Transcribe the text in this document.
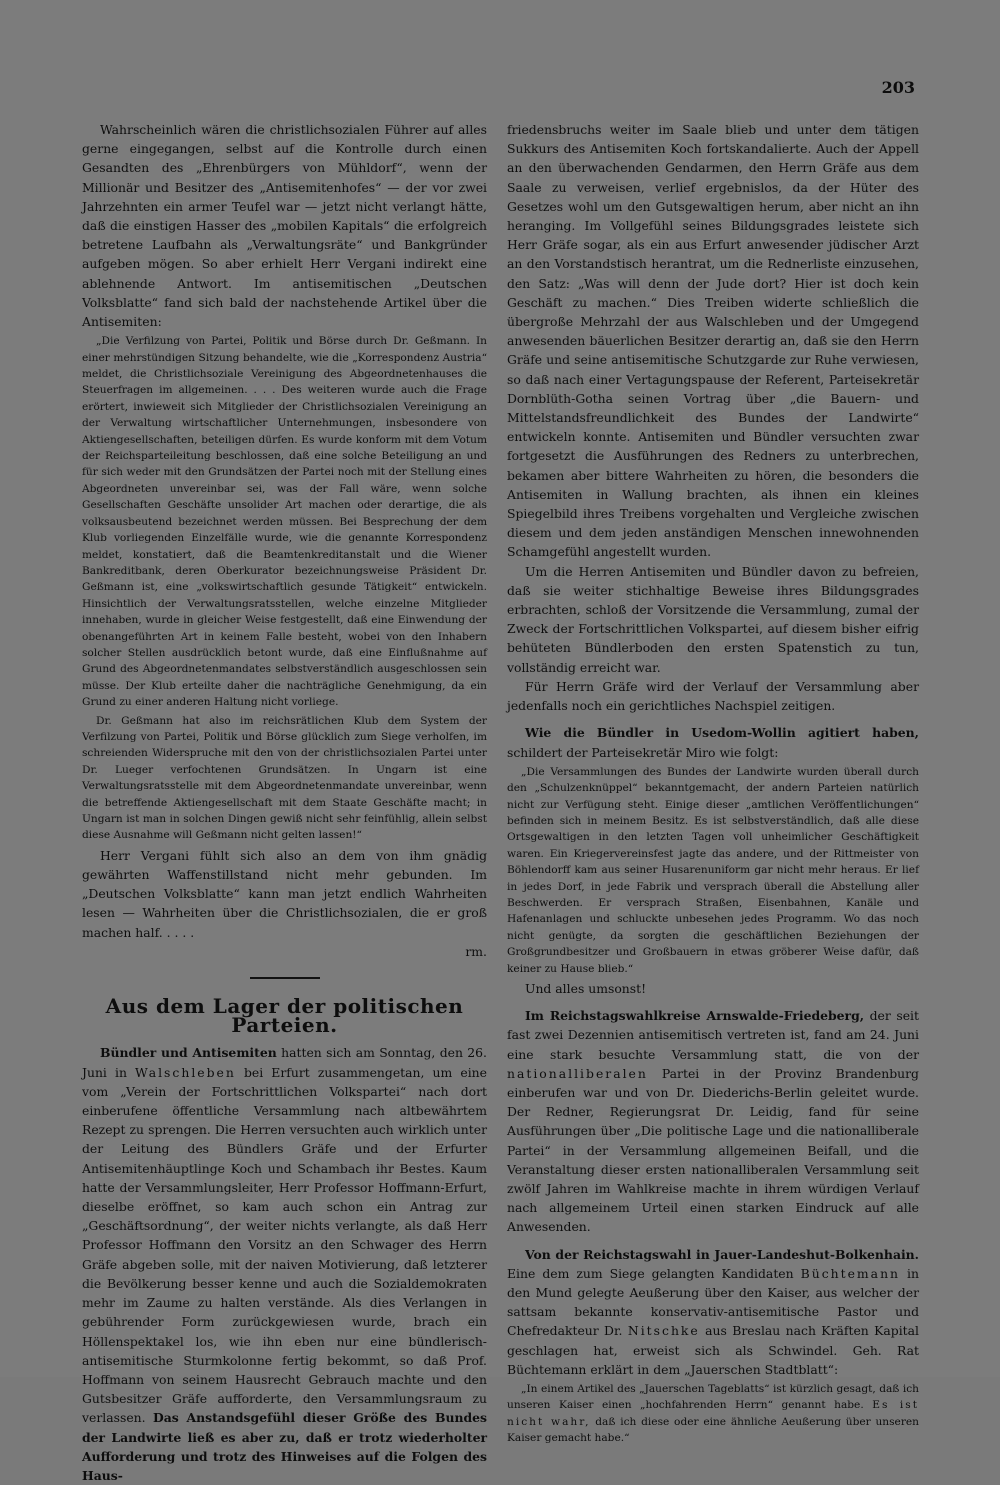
203

Wahrscheinlich wären die christlichsozialen Führer auf alles gerne eingegangen, selbst auf die Kontrolle durch einen Gesandten des „Ehrenbürgers von Mühldorf“, wenn der Millionär und Besitzer des „Antisemitenhofes“ — der vor zwei Jahrzehnten ein armer Teufel war — jetzt nicht verlangt hätte, daß die einstigen Hasser des „mobilen Kapitals“ die erfolgreich betretene Laufbahn als „Verwaltungsräte“ und Bankgründer aufgeben mögen. So aber erhielt Herr Vergani indirekt eine ablehnende Antwort. Im antisemitischen „Deutschen Volksblatte“ fand sich bald der nachstehende Artikel über die Antisemiten:

„Die Verfilzung von Partei, Politik und Börse durch Dr. Geßmann. In einer mehrstündigen Sitzung behandelte, wie die „Korrespondenz Austria“ meldet, die Christlichsoziale Vereinigung des Abgeordnetenhauses die Steuerfragen im allgemeinen. . . . Des weiteren wurde auch die Frage erörtert, inwieweit sich Mitglieder der Christlichsozialen Vereinigung an der Verwaltung wirtschaftlicher Unternehmungen, insbesondere von Aktiengesellschaften, beteiligen dürfen. Es wurde konform mit dem Votum der Reichsparteileitung beschlossen, daß eine solche Beteiligung an und für sich weder mit den Grundsätzen der Partei noch mit der Stellung eines Abgeordneten unvereinbar sei, was der Fall wäre, wenn solche Gesellschaften Geschäfte unsolider Art machen oder derartige, die als volksausbeutend bezeichnet werden müssen. Bei Besprechung der dem Klub vorliegenden Einzelfälle wurde, wie die genannte Korrespondenz meldet, konstatiert, daß die Beamtenkreditanstalt und die Wiener Bankreditbank, deren Oberkurator bezeichnungsweise Präsident Dr. Geßmann ist, eine „volkswirtschaftlich gesunde Tätigkeit“ entwickeln. Hinsichtlich der Verwaltungsratsstellen, welche einzelne Mitglieder innehaben, wurde in gleicher Weise festgestellt, daß eine Einwendung der obenangeführten Art in keinem Falle besteht, wobei von den Inhabern solcher Stellen ausdrücklich betont wurde, daß eine Einflußnahme auf Grund des Abgeordnetenmandates selbstverständlich ausgeschlossen sein müsse. Der Klub erteilte daher die nachträgliche Genehmigung, da ein Grund zu einer anderen Haltung nicht vorliege.

Dr. Geßmann hat also im reichsrätlichen Klub dem System der Verfilzung von Partei, Politik und Börse glücklich zum Siege verholfen, im schreienden Widerspruche mit den von der christlichsozialen Partei unter Dr. Lueger verfochtenen Grundsätzen. In Ungarn ist eine Verwaltungsratsstelle mit dem Abgeordnetenmandate unvereinbar, wenn die betreffende Aktiengesellschaft mit dem Staate Geschäfte macht; in Ungarn ist man in solchen Dingen gewiß nicht sehr feinfühlig, allein selbst diese Ausnahme will Geßmann nicht gelten lassen!“

Herr Vergani fühlt sich also an dem von ihm gnädig gewährten Waffenstillstand nicht mehr gebunden. Im „Deutschen Volksblatte“ kann man jetzt endlich Wahrheiten lesen — Wahrheiten über die Christlichsozialen, die er groß machen half. . . . .

rm.

Aus dem Lager der politischen Parteien.

Bündler und Antisemiten hatten sich am Sonntag, den 26. Juni in Walschleben bei Erfurt zusammengetan, um eine vom „Verein der Fortschrittlichen Volkspartei“ nach dort einberufene öffentliche Versammlung nach altbewährtem Rezept zu sprengen. Die Herren versuchten auch wirklich unter der Leitung des Bündlers Gräfe und der Erfurter Antisemitenhäuptlinge Koch und Schambach ihr Bestes. Kaum hatte der Versammlungsleiter, Herr Professor Hoffmann-Erfurt, dieselbe eröffnet, so kam auch schon ein Antrag zur „Geschäftsordnung“, der weiter nichts verlangte, als daß Herr Professor Hoffmann den Vorsitz an den Schwager des Herrn Gräfe abgeben solle, mit der naiven Motivierung, daß letzterer die Bevölkerung besser kenne und auch die Sozialdemokraten mehr im Zaume zu halten verstände. Als dies Verlangen in gebührender Form zurückgewiesen wurde, brach ein Höllenspektakel los, wie ihn eben nur eine bündlerisch-antisemitische Sturmkolonne fertig bekommt, so daß Prof. Hoffmann von seinem Hausrecht Gebrauch machte und den Gutsbesitzer Gräfe aufforderte, den Versammlungsraum zu verlassen. Das Anstandsgefühl dieser Größe des Bundes der Landwirte ließ es aber zu, daß er trotz wiederholter Aufforderung und trotz des Hinweises auf die Folgen des Haus-

friedensbruchs weiter im Saale blieb und unter dem tätigen Sukkurs des Antisemiten Koch fortskandalierte. Auch der Appell an den überwachenden Gendarmen, den Herrn Gräfe aus dem Saale zu verweisen, verlief ergebnislos, da der Hüter des Gesetzes wohl um den Gutsgewaltigen herum, aber nicht an ihn heranging. Im Vollgefühl seines Bildungsgrades leistete sich Herr Gräfe sogar, als ein aus Erfurt anwesender jüdischer Arzt an den Vorstandstisch herantrat, um die Rednerliste einzusehen, den Satz: „Was will denn der Jude dort? Hier ist doch kein Geschäft zu machen.“ Dies Treiben widerte schließlich die übergroße Mehrzahl der aus Walschleben und der Umgegend anwesenden bäuerlichen Besitzer derartig an, daß sie den Herrn Gräfe und seine antisemitische Schutzgarde zur Ruhe verwiesen, so daß nach einer Vertagungspause der Referent, Parteisekretär Dornblüth-Gotha seinen Vortrag über „die Bauern- und Mittelstandsfreundlichkeit des Bundes der Landwirte“ entwickeln konnte. Antisemiten und Bündler versuchten zwar fortgesetzt die Ausführungen des Redners zu unterbrechen, bekamen aber bittere Wahrheiten zu hören, die besonders die Antisemiten in Wallung brachten, als ihnen ein kleines Spiegelbild ihres Treibens vorgehalten und Vergleiche zwischen diesem und dem jeden anständigen Menschen innewohnenden Schamgefühl angestellt wurden.

Um die Herren Antisemiten und Bündler davon zu befreien, daß sie weiter stichhaltige Beweise ihres Bildungsgrades erbrachten, schloß der Vorsitzende die Versammlung, zumal der Zweck der Fortschrittlichen Volkspartei, auf diesem bisher eifrig behüteten Bündlerboden den ersten Spatenstich zu tun, vollständig erreicht war.

Für Herrn Gräfe wird der Verlauf der Versammlung aber jedenfalls noch ein gerichtliches Nachspiel zeitigen.

Wie die Bündler in Usedom-Wollin agitiert haben, schildert der Parteisekretär Miro wie folgt:

„Die Versammlungen des Bundes der Landwirte wurden überall durch den „Schulzenknüppel“ bekanntgemacht, der andern Parteien natürlich nicht zur Verfügung steht. Einige dieser „amtlichen Veröffentlichungen“ befinden sich in meinem Besitz. Es ist selbstverständlich, daß alle diese Ortsgewaltigen in den letzten Tagen voll unheimlicher Geschäftigkeit waren. Ein Kriegervereinsfest jagte das andere, und der Rittmeister von Böhlendorff kam aus seiner Husarenuniform gar nicht mehr heraus. Er lief in jedes Dorf, in jede Fabrik und versprach überall die Abstellung aller Beschwerden. Er versprach Straßen, Eisenbahnen, Kanäle und Hafenanlagen und schluckte unbesehen jedes Programm. Wo das noch nicht genügte, da sorgten die geschäftlichen Beziehungen der Großgrundbesitzer und Großbauern in etwas gröberer Weise dafür, daß keiner zu Hause blieb.“

Und alles umsonst!

Im Reichstagswahlkreise Arnswalde-Friedeberg, der seit fast zwei Dezennien antisemitisch vertreten ist, fand am 24. Juni eine stark besuchte Versammlung statt, die von der nationalliberalen Partei in der Provinz Brandenburg einberufen war und von Dr. Diederichs-Berlin geleitet wurde. Der Redner, Regierungsrat Dr. Leidig, fand für seine Ausführungen über „Die politische Lage und die nationalliberale Partei“ in der Versammlung allgemeinen Beifall, und die Veranstaltung dieser ersten nationalliberalen Versammlung seit zwölf Jahren im Wahlkreise machte in ihrem würdigen Verlauf nach allgemeinem Urteil einen starken Eindruck auf alle Anwesenden.

Von der Reichstagswahl in Jauer-Landeshut-Bolkenhain. Eine dem zum Siege gelangten Kandidaten Büchtemann in den Mund gelegte Aeußerung über den Kaiser, aus welcher der sattsam bekannte konservativ-antisemitische Pastor und Chefredakteur Dr. Nitschke aus Breslau nach Kräften Kapital geschlagen hat, erweist sich als Schwindel. Geh. Rat Büchtemann erklärt in dem „Jauerschen Stadtblatt“:

„In einem Artikel des „Jauerschen Tageblatts“ ist kürzlich gesagt, daß ich unseren Kaiser einen „hochfahrenden Herrn“ genannt habe. Es ist nicht wahr, daß ich diese oder eine ähnliche Aeußerung über unseren Kaiser gemacht habe.“
